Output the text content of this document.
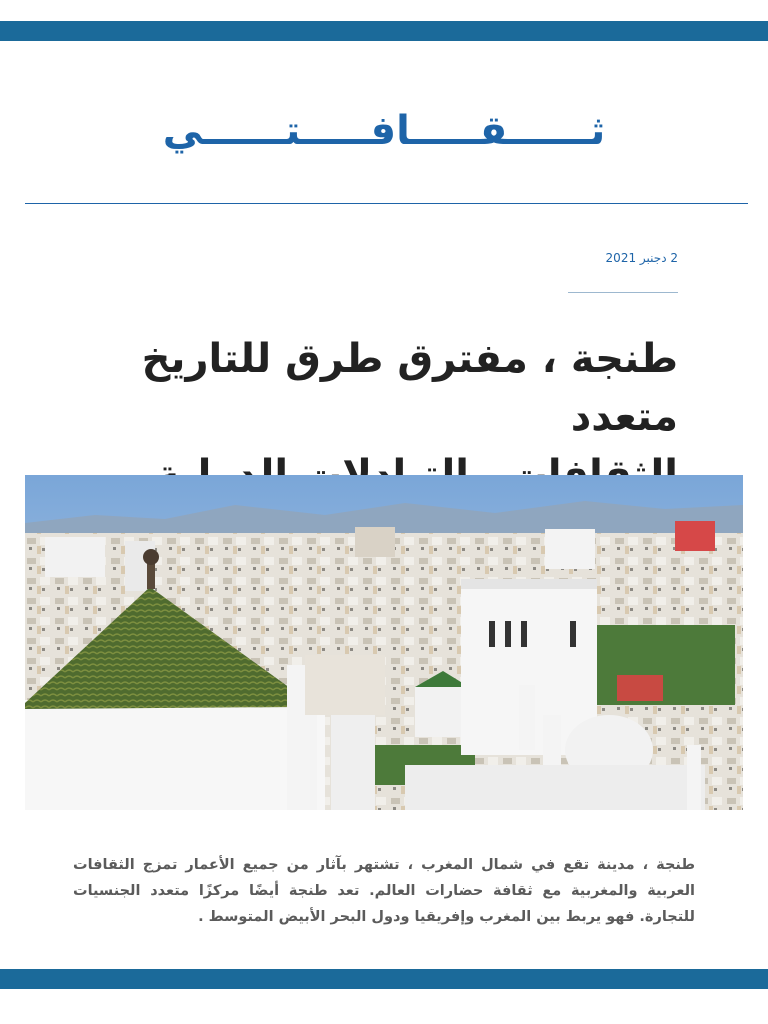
ثــــــقـــــافـــــتــــــي
2 دجنبر 2021
طنجة ، مفترق طرق للتاريخ متعدد
طنجة ، مدينة تقع في شمال المغرب ، تشتهر بآثار من جميع الأعمار تمزج الثقافات العربية والمغربية مع ثقافة حضارات العالم. تعد طنجة أيضًا مركزًا متعدد الجنسيات للتجارة. فهو يربط بين المغرب وإفريقيا ودول البحر الأبيض المتوسط .
